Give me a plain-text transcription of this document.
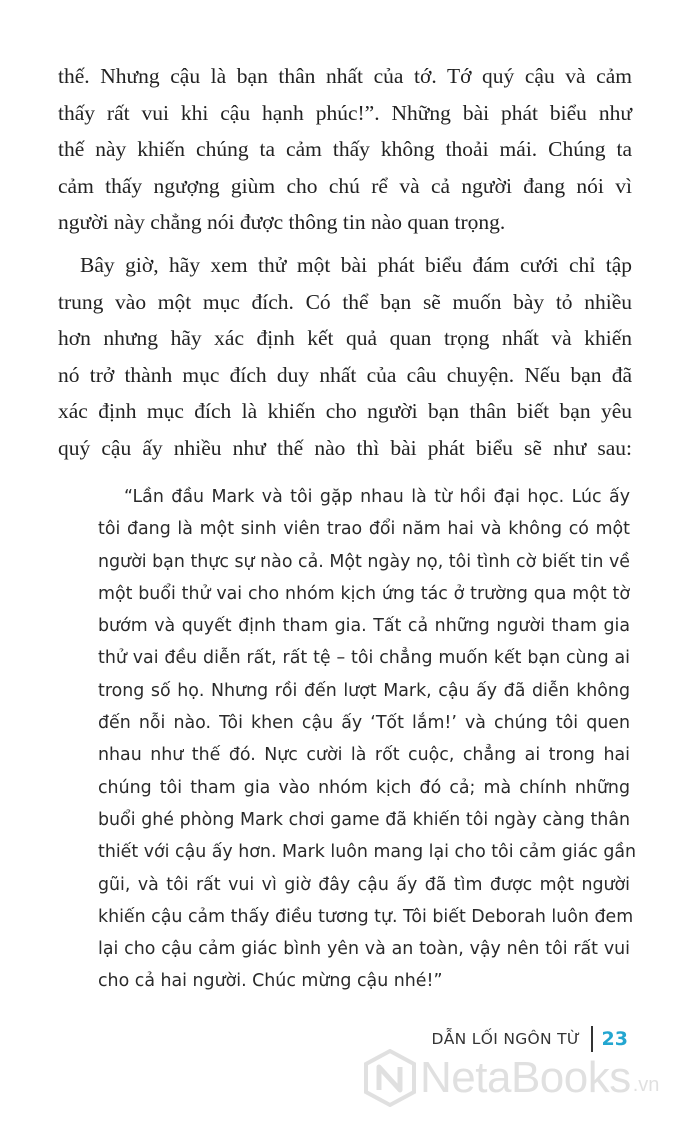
thế. Nhưng cậu là bạn thân nhất của tớ. Tớ quý cậu và cảm
thấy rất vui khi cậu hạnh phúc!”. Những bài phát biểu như
thế này khiến chúng ta cảm thấy không thoải mái. Chúng ta
cảm thấy ngượng giùm cho chú rể và cả người đang nói vì
người này chẳng nói được thông tin nào quan trọng.
Bây giờ, hãy xem thử một bài phát biểu đám cưới chỉ tập
trung vào một mục đích. Có thể bạn sẽ muốn bày tỏ nhiều
hơn nhưng hãy xác định kết quả quan trọng nhất và khiến
nó trở thành mục đích duy nhất của câu chuyện. Nếu bạn đã
xác định mục đích là khiến cho người bạn thân biết bạn yêu
quý cậu ấy nhiều như thế nào thì bài phát biểu sẽ như sau:
“Lần đầu Mark và tôi gặp nhau là từ hồi đại học. Lúc ấy
tôi đang là một sinh viên trao đổi năm hai và không có một
người bạn thực sự nào cả. Một ngày nọ, tôi tình cờ biết tin về
một buổi thử vai cho nhóm kịch ứng tác ở trường qua một tờ
bướm và quyết định tham gia. Tất cả những người tham gia
thử vai đều diễn rất, rất tệ – tôi chẳng muốn kết bạn cùng ai
trong số họ. Nhưng rồi đến lượt Mark, cậu ấy đã diễn không
đến nỗi nào. Tôi khen cậu ấy ‘Tốt lắm!’ và chúng tôi quen
nhau như thế đó. Nực cười là rốt cuộc, chẳng ai trong hai
chúng tôi tham gia vào nhóm kịch đó cả; mà chính những
buổi ghé phòng Mark chơi game đã khiến tôi ngày càng thân
thiết với cậu ấy hơn. Mark luôn mang lại cho tôi cảm giác gần
gũi, và tôi rất vui vì giờ đây cậu ấy đã tìm được một người
khiến cậu cảm thấy điều tương tự. Tôi biết Deborah luôn đem
lại cho cậu cảm giác bình yên và an toàn, vậy nên tôi rất vui
cho cả hai người. Chúc mừng cậu nhé!”
DẪN LỐI NGÔN TỪ 23
NetaBooks .vn
